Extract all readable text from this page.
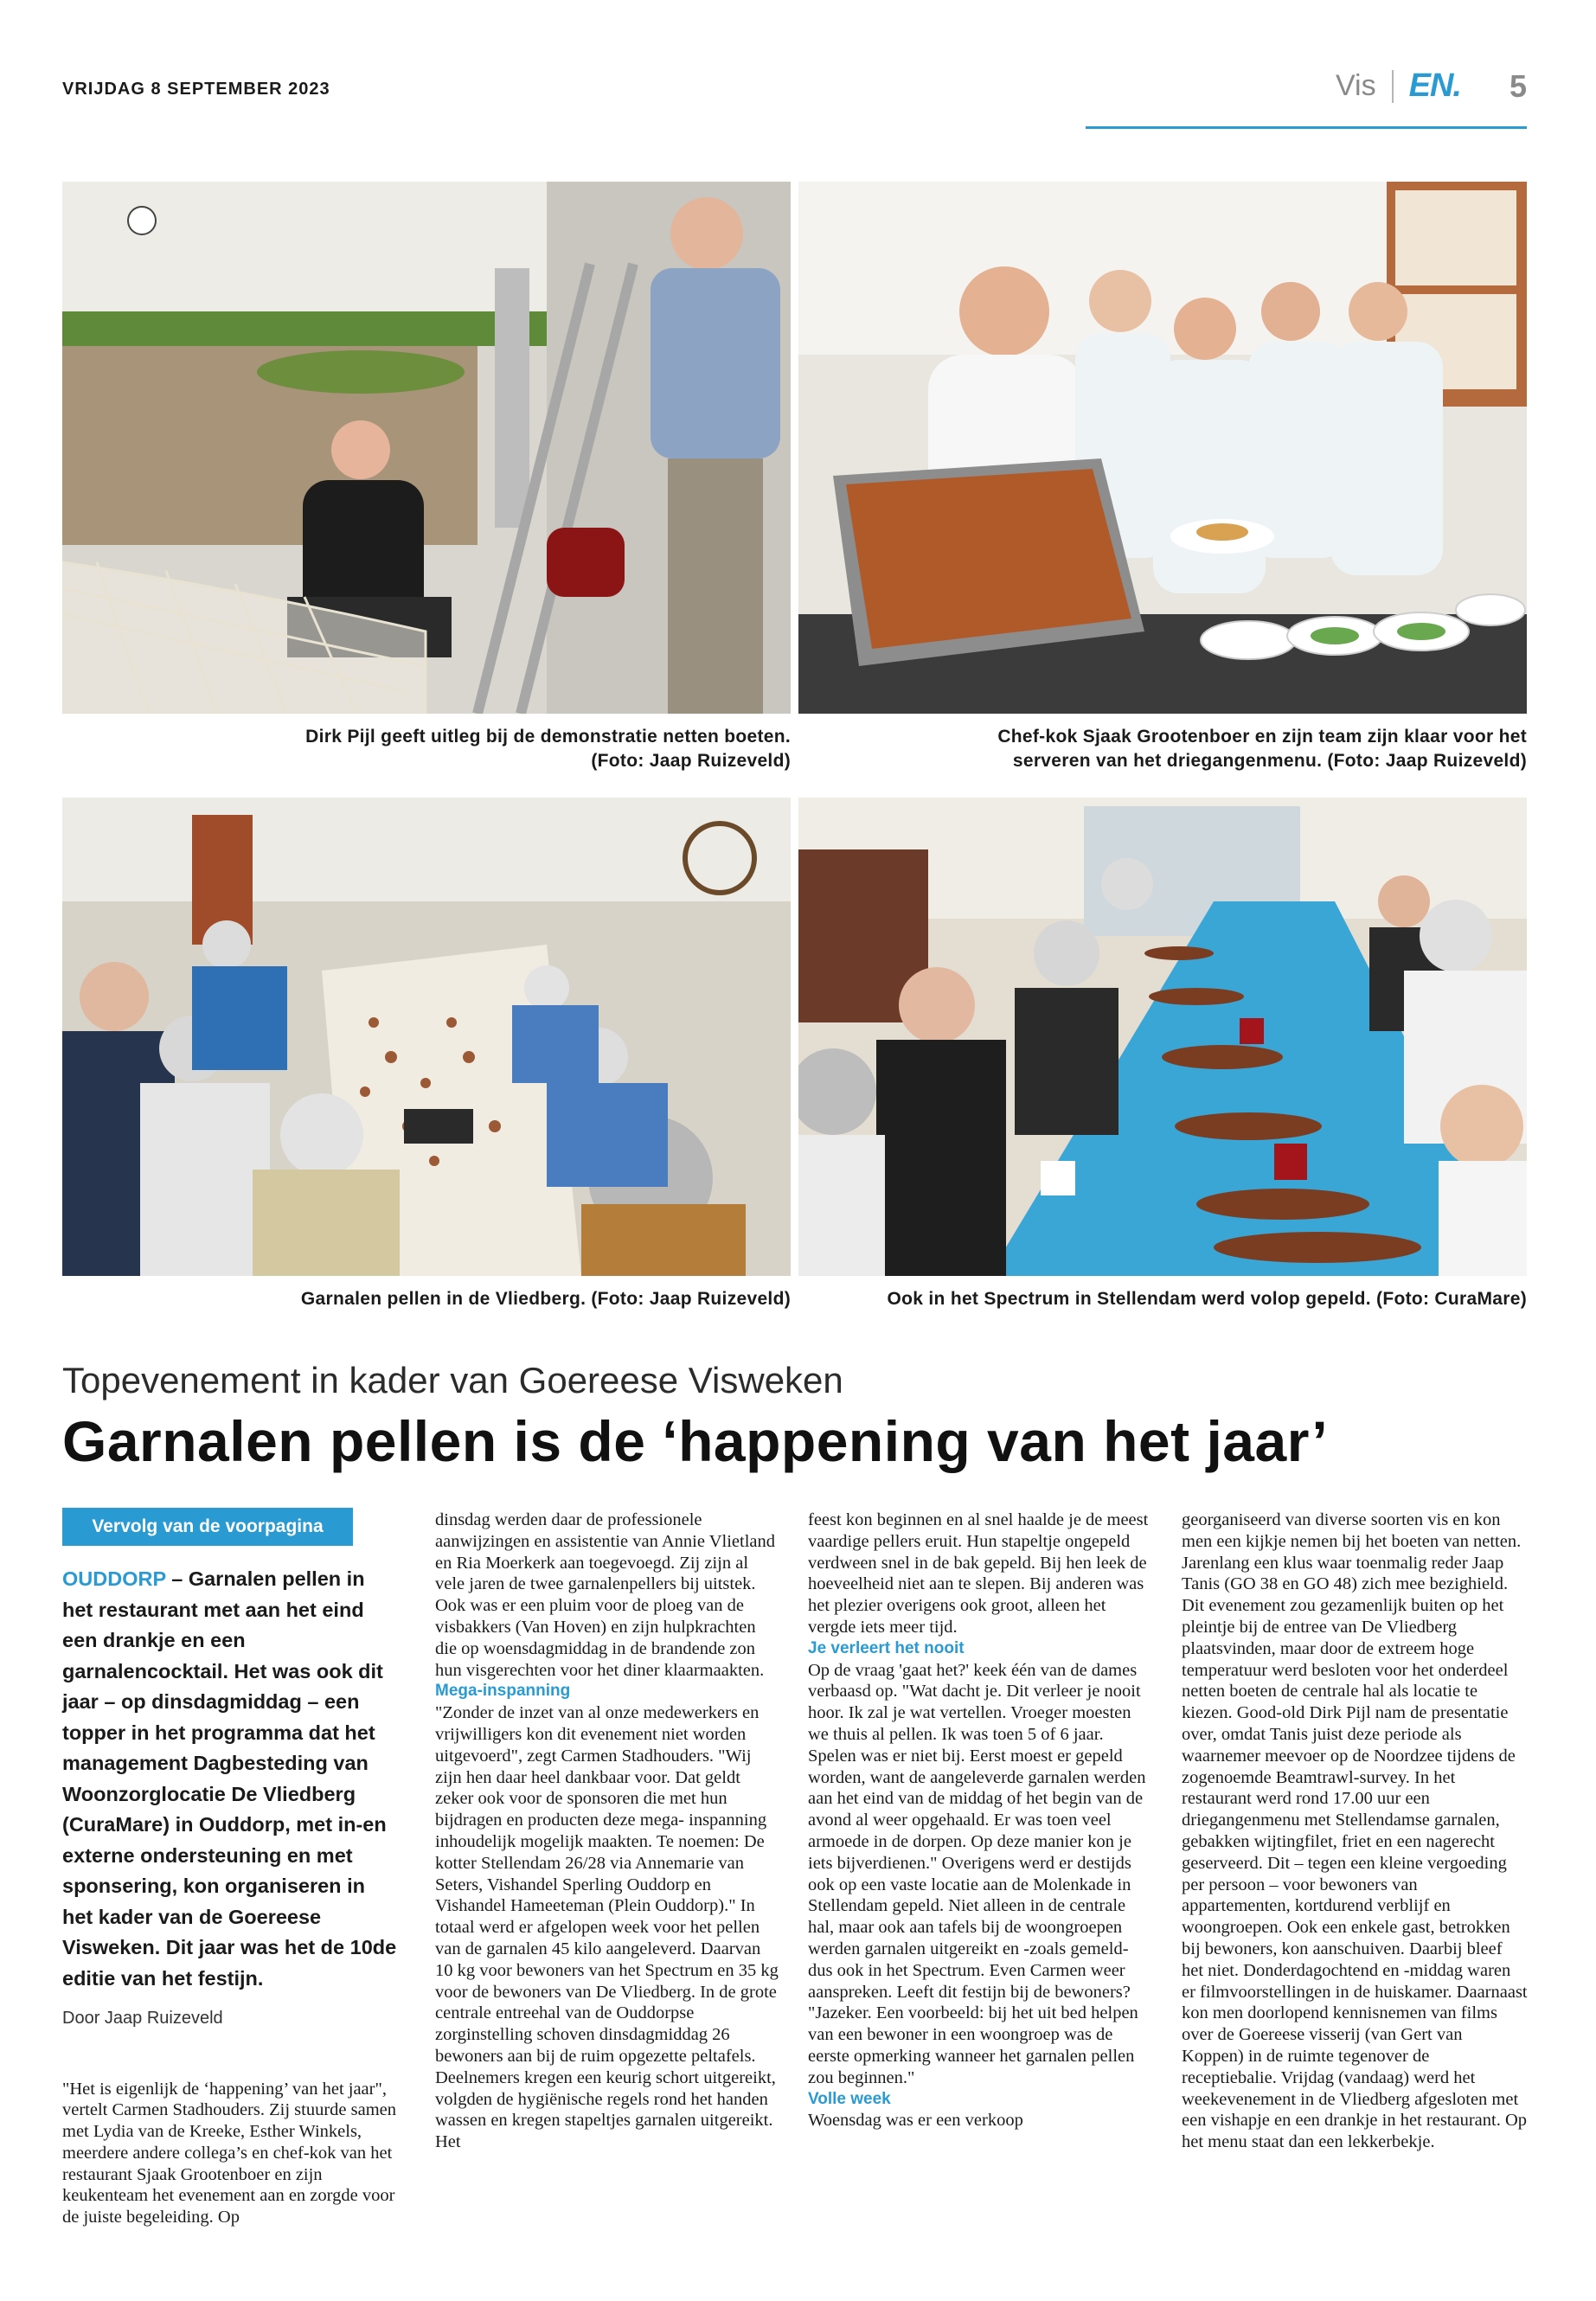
VRIJDAG 8 SEPTEMBER 2023	Vis EN. 5
Dirk Pijl geeft uitleg bij de demonstratie netten boeten.
(Foto: Jaap Ruizeveld)
Chef-kok Sjaak Grootenboer en zijn team zijn klaar voor het
serveren van het driegangenmenu. (Foto: Jaap Ruizeveld)
Garnalen pellen in de Vliedberg. (Foto: Jaap Ruizeveld)	Ook in het Spectrum in Stellendam werd volop gepeld. (Foto: CuraMare)
Topevenement in kader van Goereese Visweken
Garnalen pellen is de ‘happening van het jaar’
Vervolg van de voorpagina
OUDDORP – Garnalen pellen in het restaurant met aan het eind een drankje en een garnalencocktail. Het was ook dit jaar – op dinsdagmiddag – een topper in het programma dat het management Dagbesteding van Woonzorglocatie De Vliedberg (CuraMare) in Ouddorp, met in-en externe ondersteuning en met sponsering, kon organiseren in het kader van de Goereese Visweken. Dit jaar was het de 10de editie van het festijn.
Door Jaap Ruizeveld

"Het is eigenlijk de ‘happening’ van het jaar", vertelt Carmen Stadhouders. Zij stuurde samen met Lydia van de Kreeke, Esther Winkels, meerdere andere collega’s en chef-kok van het restaurant Sjaak Grootenboer en zijn keukenteam het evenement aan en zorgde voor de juiste begeleiding. Op

dinsdag werden daar de professionele aanwijzingen en assistentie van Annie Vlietland en Ria Moerkerk aan toegevoegd. Zij zijn al vele jaren de twee garnalenpellers bij uitstek. Ook was er een pluim voor de ploeg van de visbakkers (Van Hoven) en zijn hulpkrachten die op woensdagmiddag in de brandende zon hun visgerechten voor het diner klaarmaakten.

Mega-inspanning

"Zonder de inzet van al onze medewerkers en vrijwilligers kon dit evenement niet worden uitgevoerd", zegt Carmen Stadhouders. "Wij zijn hen daar heel dankbaar voor. Dat geldt zeker ook voor de sponsoren die met hun bijdragen en producten deze mega- inspanning inhoudelijk mogelijk maakten. Te noemen: De kotter Stellendam 26/28 via Annemarie van Seters, Vishandel Sperling Ouddorp en Vishandel Hameeteman (Plein Ouddorp)." In totaal werd er afgelopen week voor het pellen van de garnalen 45 kilo aangeleverd. Daarvan 10 kg voor bewoners van het Spectrum en 35 kg voor de bewoners van De Vliedberg. In de grote centrale entreehal van de Ouddorpse zorginstelling schoven dinsdagmiddag 26 bewoners aan bij de ruim opgezette peltafels. Deelnemers kregen een keurig schort uitgereikt, volgden de hygiënische regels rond het handen wassen en kregen stapeltjes garnalen uitgereikt. Het

feest kon beginnen en al snel haalde je de meest vaardige pellers eruit. Hun stapeltje ongepeld verdween snel in de bak gepeld. Bij hen leek de hoeveelheid niet aan te slepen. Bij anderen was het plezier overigens ook groot, alleen het vergde iets meer tijd.

Je verleert het nooit

Op de vraag 'gaat het?' keek één van de dames verbaasd op. "Wat dacht je. Dit verleer je nooit hoor. Ik zal je wat vertellen. Vroeger moesten we thuis al pellen. Ik was toen 5 of 6 jaar. Spelen was er niet bij. Eerst moest er gepeld worden, want de aangeleverde garnalen werden aan het eind van de middag of het begin van de avond al weer opgehaald. Er was toen veel armoede in de dorpen. Op deze manier kon je iets bijverdienen." Overigens werd er destijds ook op een vaste locatie aan de Molenkade in Stellendam gepeld. Niet alleen in de centrale hal, maar ook aan tafels bij de woongroepen werden garnalen uitgereikt en -zoals gemeld- dus ook in het Spectrum. Even Carmen weer aanspreken. Leeft dit festijn bij de bewoners? "Jazeker. Een voorbeeld: bij het uit bed helpen van een bewoner in een woongroep was de eerste opmerking wanneer het garnalen pellen zou beginnen."

Volle week

Woensdag was er een verkoop

georganiseerd van diverse soorten vis en kon men een kijkje nemen bij het boeten van netten. Jarenlang een klus waar toenmalig reder Jaap Tanis (GO 38 en GO 48) zich mee bezighield. Dit evenement zou gezamenlijk buiten op het pleintje bij de entree van De Vliedberg plaatsvinden, maar door de extreem hoge temperatuur werd besloten voor het onderdeel netten boeten de centrale hal als locatie te kiezen. Good-old Dirk Pijl nam de presentatie over, omdat Tanis juist deze periode als waarnemer meevoer op de Noordzee tijdens de zogenoemde Beamtrawl-survey. In het restaurant werd rond 17.00 uur een driegangenmenu met Stellendamse garnalen, gebakken wijtingfilet, friet en een nagerecht geserveerd. Dit – tegen een kleine vergoeding per persoon – voor bewoners van appartementen, kortdurend verblijf en woongroepen. Ook een enkele gast, betrokken bij bewoners, kon aanschuiven. Daarbij bleef het niet. Donderdagochtend en -middag waren er filmvoorstellingen in de huiskamer. Daarnaast kon men doorlopend kennisnemen van films over de Goereese visserij (van Gert van Koppen) in de ruimte tegenover de receptiebalie. Vrijdag (vandaag) werd het weekevenement in de Vliedberg afgesloten met een vishapje en een drankje in het restaurant. Op het menu staat dan een lekkerbekje.
